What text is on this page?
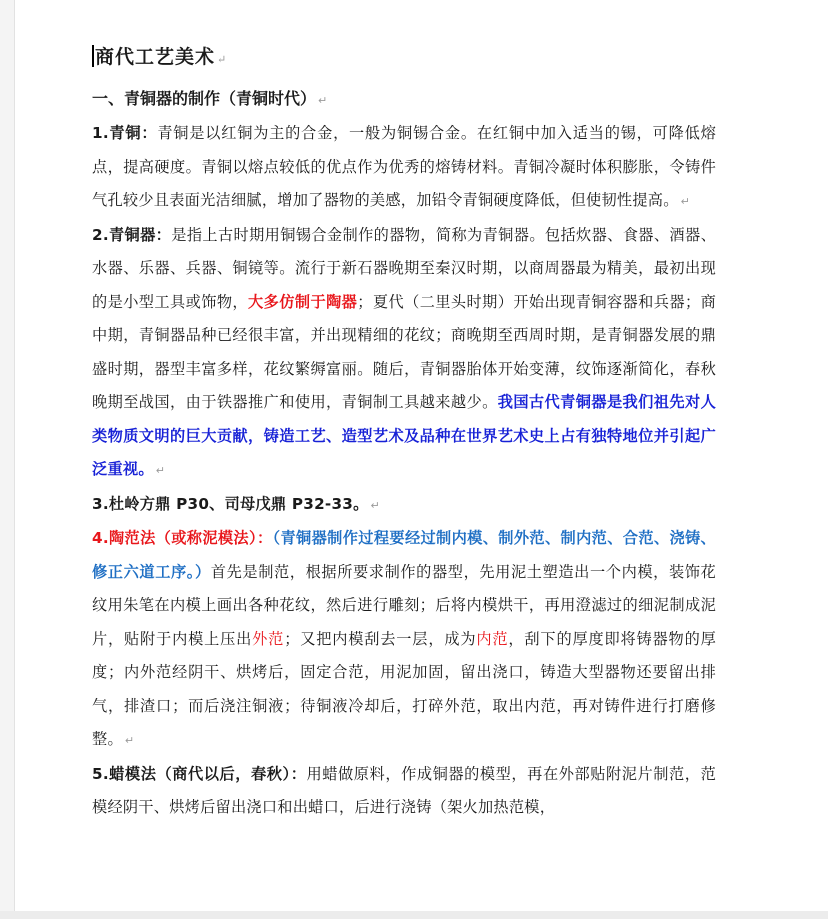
商代工艺美术 ↵
一、青铜器的制作（青铜时代） ↵

1.青铜：青铜是以红铜为主的合金，一般为铜锡合金。在红铜中加入适当的锡，可降低熔点，提高硬度。青铜以熔点较低的优点作为优秀的熔铸材料。青铜冷凝时体积膨胀，令铸件气孔较少且表面光洁细腻，增加了器物的美感，加铅令青铜硬度降低，但使韧性提高。 ↵

2.青铜器：是指上古时期用铜锡合金制作的器物，简称为青铜器。包括炊器、食器、酒器、水器、乐器、兵器、铜镜等。流行于新石器晚期至秦汉时期，以商周器最为精美，最初出现的是小型工具或饰物，大多仿制于陶器；夏代（二里头时期）开始出现青铜容器和兵器；商中期，青铜器品种已经很丰富，并出现精细的花纹；商晚期至西周时期，是青铜器发展的鼎盛时期，器型丰富多样，花纹繁缛富丽。随后，青铜器胎体开始变薄，纹饰逐渐简化，春秋晚期至战国，由于铁器推广和使用，青铜制工具越来越少。我国古代青铜器是我们祖先对人类物质文明的巨大贡献，铸造工艺、造型艺术及品种在世界艺术史上占有独特地位并引起广泛重视。 ↵

3.杜岭方鼎 P30、司母戊鼎 P32-33。 ↵

4.陶范法（或称泥模法）：（青铜器制作过程要经过制内模、制外范、制内范、合范、浇铸、修正六道工序。）首先是制范，根据所要求制作的器型，先用泥土塑造出一个内模，装饰花纹用朱笔在内模上画出各种花纹，然后进行雕刻；后将内模烘干，再用澄滤过的细泥制成泥片，贴附于内模上压出外范；又把内模刮去一层，成为内范，刮下的厚度即将铸器物的厚度；内外范经阴干、烘烤后，固定合范，用泥加固，留出浇口，铸造大型器物还要留出排气，排渣口；而后浇注铜液；待铜液冷却后，打碎外范，取出内范，再对铸件进行打磨修整。 ↵

5.蜡模法（商代以后，春秋）：用蜡做原料，作成铜器的模型，再在外部贴附泥片制范，范模经阴干、烘烤后留出浇口和出蜡口，后进行浇铸（架火加热范模，
